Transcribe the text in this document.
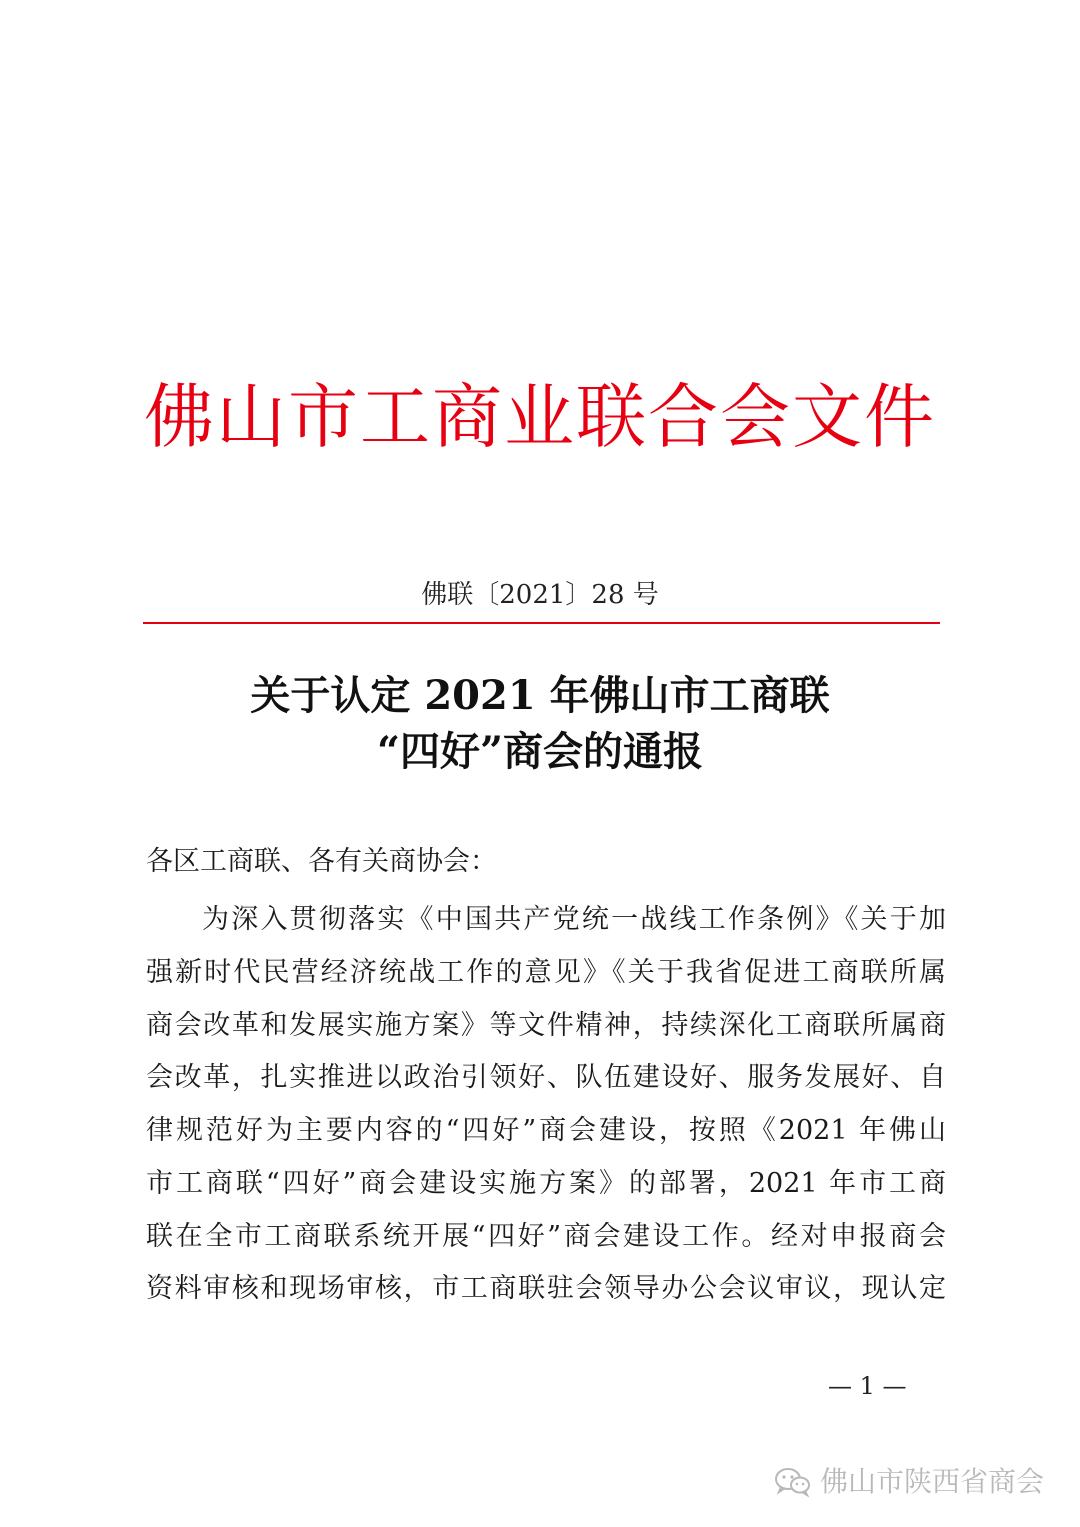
佛山市工商业联合会文件
佛联〔2021〕28 号
关于认定 2021 年佛山市工商联
“四好”商会的通报
各区工商联、各有关商协会：
为深入贯彻落实《中国共产党统一战线工作条例》《关于加
强新时代民营经济统战工作的意见》《关于我省促进工商联所属
商会改革和发展实施方案》等文件精神，持续深化工商联所属商
会改革，扎实推进以政治引领好、队伍建设好、服务发展好、自
律规范好为主要内容的“四好”商会建设，按照《2021 年佛山
市工商联“四好”商会建设实施方案》的部署，2021 年市工商
联在全市工商联系统开展“四好”商会建设工作。经对申报商会
资料审核和现场审核，市工商联驻会领导办公会议审议，现认定
— 1 —
佛山市陕西省商会
